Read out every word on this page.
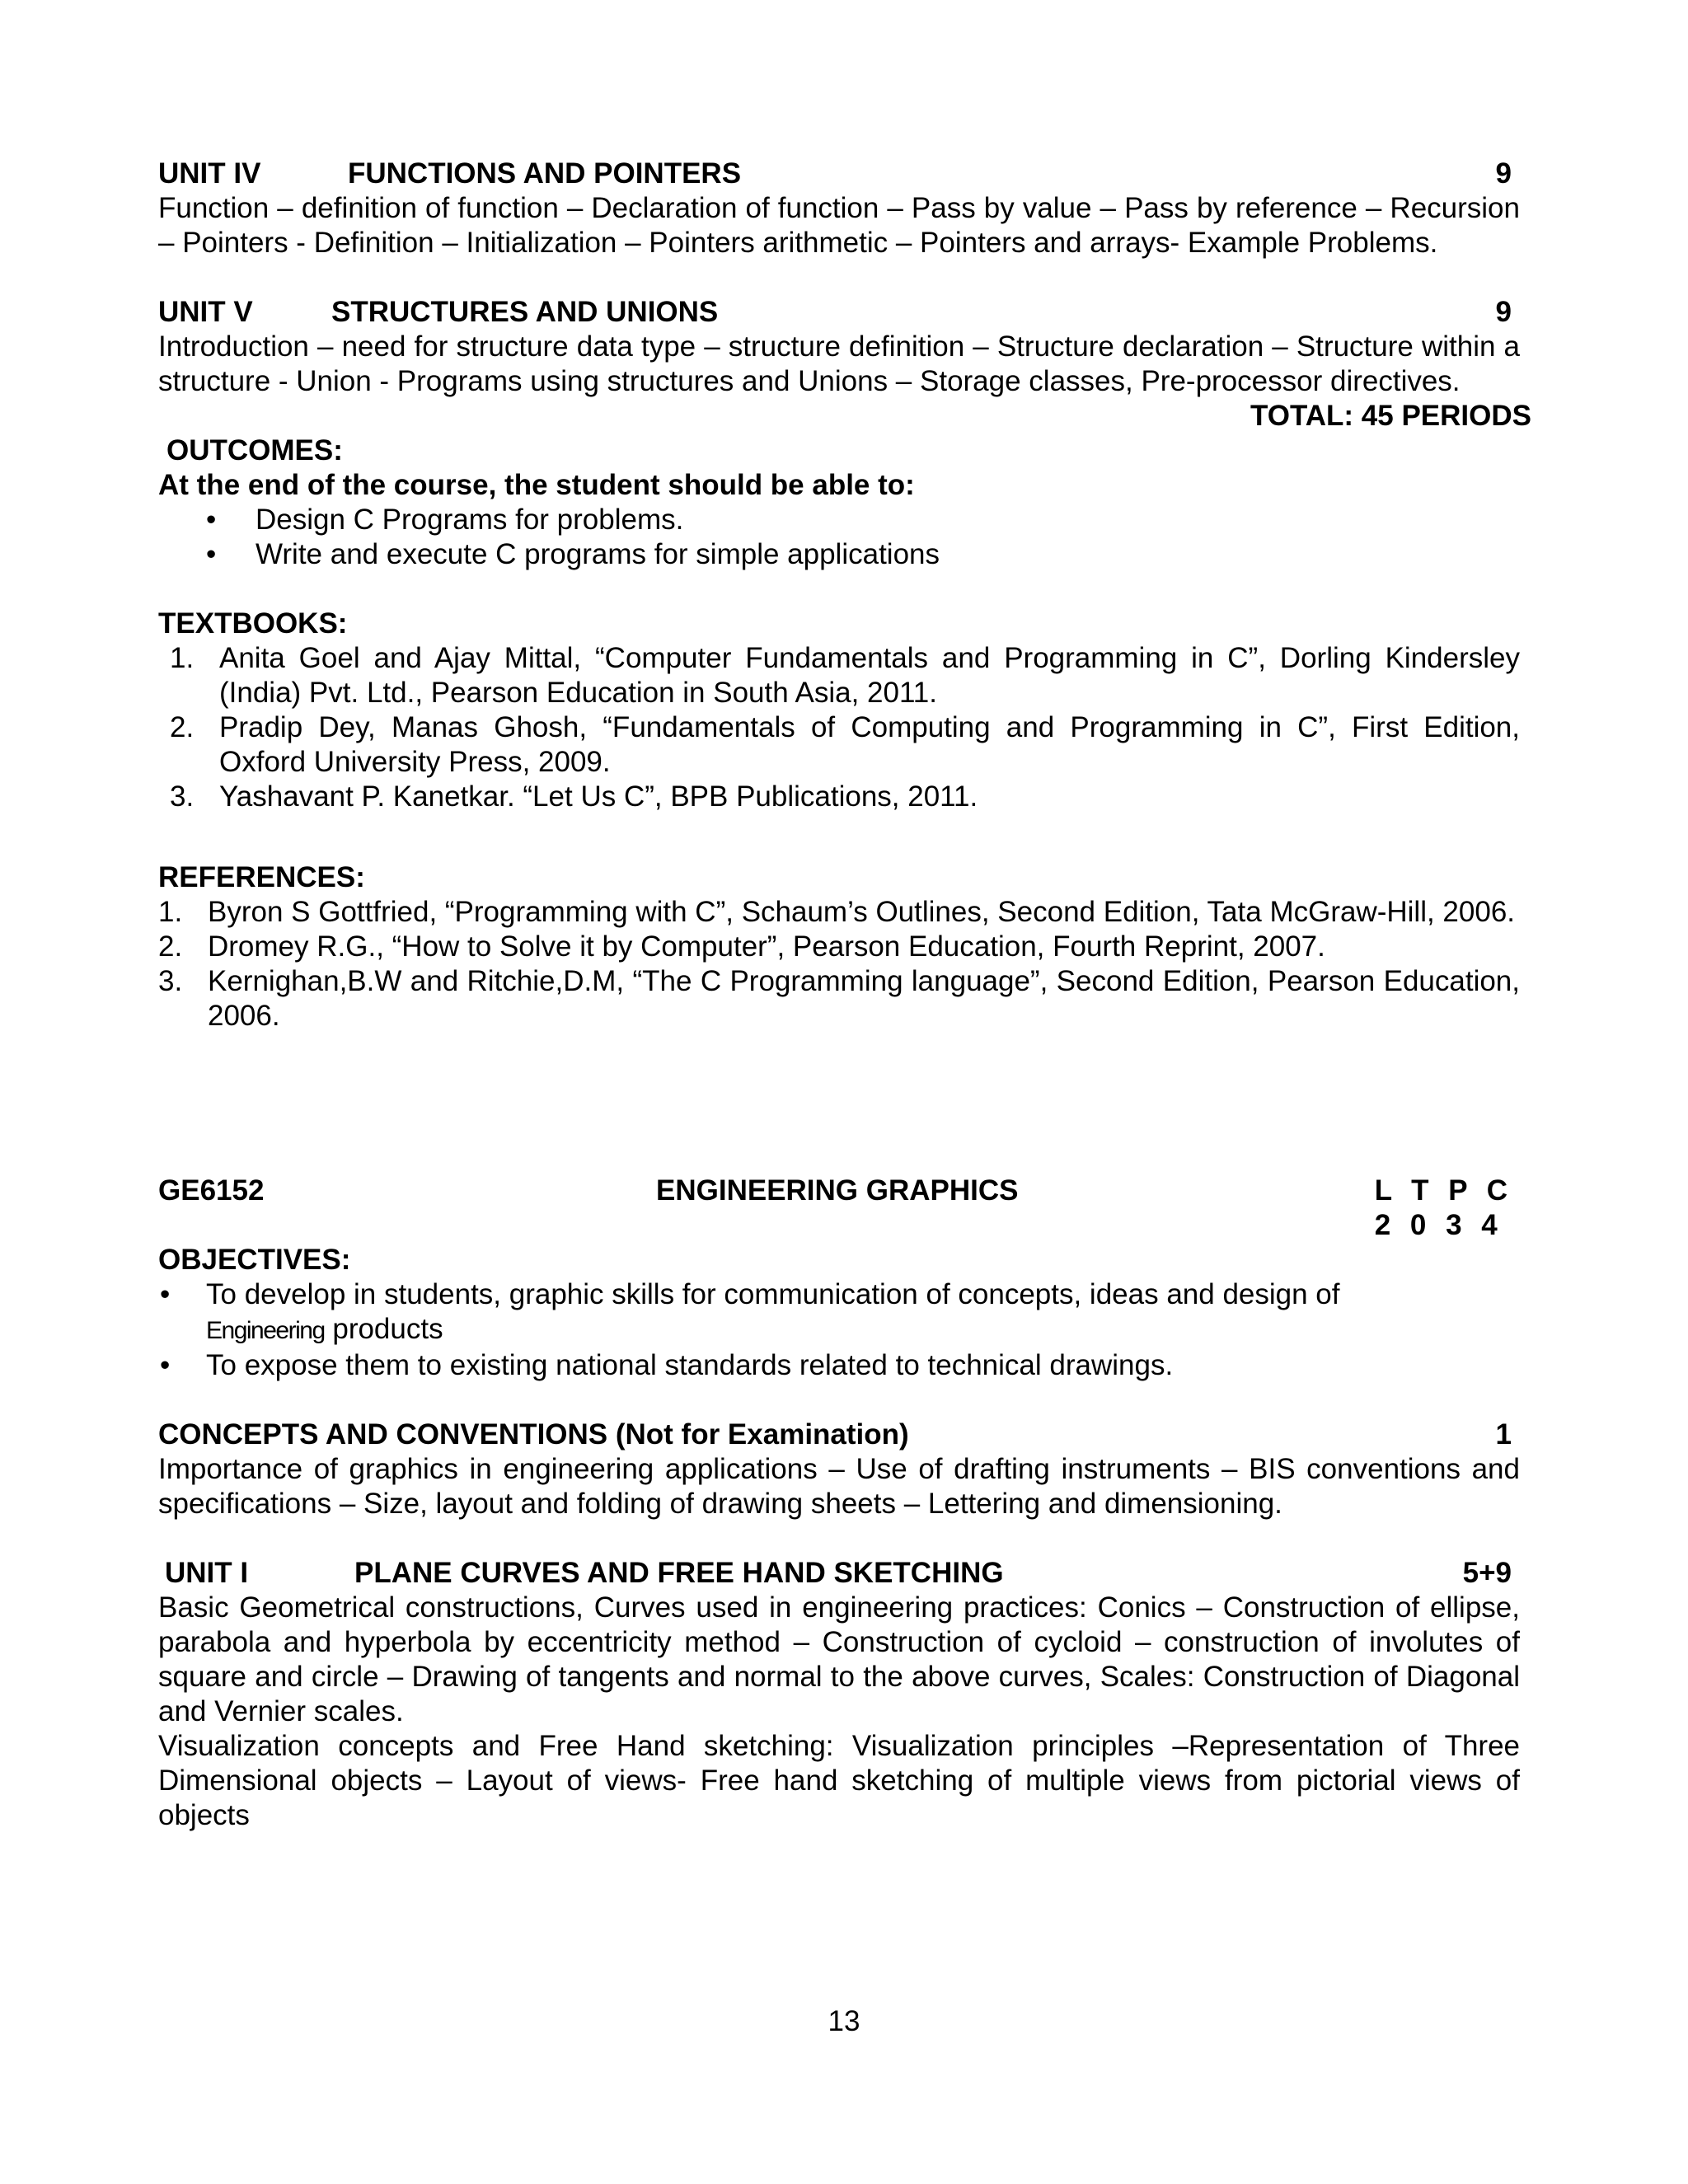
UNIT IV	FUNCTIONS AND POINTERS	9

Function – definition of function – Declaration of function – Pass by value – Pass by reference – Recursion – Pointers - Definition – Initialization – Pointers arithmetic – Pointers and arrays- Example Problems.

UNIT V	STRUCTURES AND UNIONS	9

Introduction – need for structure data type – structure definition – Structure declaration – Structure within a structure - Union - Programs using structures and Unions – Storage classes, Pre-processor directives.

TOTAL: 45 PERIODS
OUTCOMES:
At the end of the course, the student should be able to:
• Design C Programs for problems.
• Write and execute C programs for simple applications
TEXTBOOKS:
1. Anita Goel and Ajay Mittal, “Computer Fundamentals and Programming in C”, Dorling Kindersley (India) Pvt. Ltd., Pearson Education in South Asia, 2011.
2. Pradip Dey, Manas Ghosh, “Fundamentals of Computing and Programming in C”, First Edition, Oxford University Press, 2009.
3. Yashavant P. Kanetkar. “Let Us C”, BPB Publications, 2011.
REFERENCES:
1. Byron S Gottfried, “Programming with C”, Schaum’s Outlines, Second Edition, Tata McGraw-Hill, 2006.
2. Dromey R.G., “How to Solve it by Computer”, Pearson Education, Fourth Reprint, 2007.
3. Kernighan,B.W and Ritchie,D.M, “The C Programming language”, Second Edition, Pearson Education, 2006.
GE6152	ENGINEERING GRAPHICS	L T P C
2 0 3 4
OBJECTIVES:
• To develop in students, graphic skills for communication of concepts, ideas and design of
Engineering products
• To expose them to existing national standards related to technical drawings.
CONCEPTS AND CONVENTIONS (Not for Examination)	1

Importance of graphics in engineering applications – Use of drafting instruments – BIS conventions and specifications – Size, layout and folding of drawing sheets – Lettering and dimensioning.

UNIT I	PLANE CURVES AND FREE HAND SKETCHING	5+9

Basic Geometrical constructions, Curves used in engineering practices: Conics – Construction of ellipse, parabola and hyperbola by eccentricity method – Construction of cycloid – construction of involutes of square and circle – Drawing of tangents and normal to the above curves, Scales: Construction of Diagonal and Vernier scales.

Visualization concepts and Free Hand sketching: Visualization principles –Representation of Three Dimensional objects – Layout of views- Free hand sketching of multiple views from pictorial views of objects

13
